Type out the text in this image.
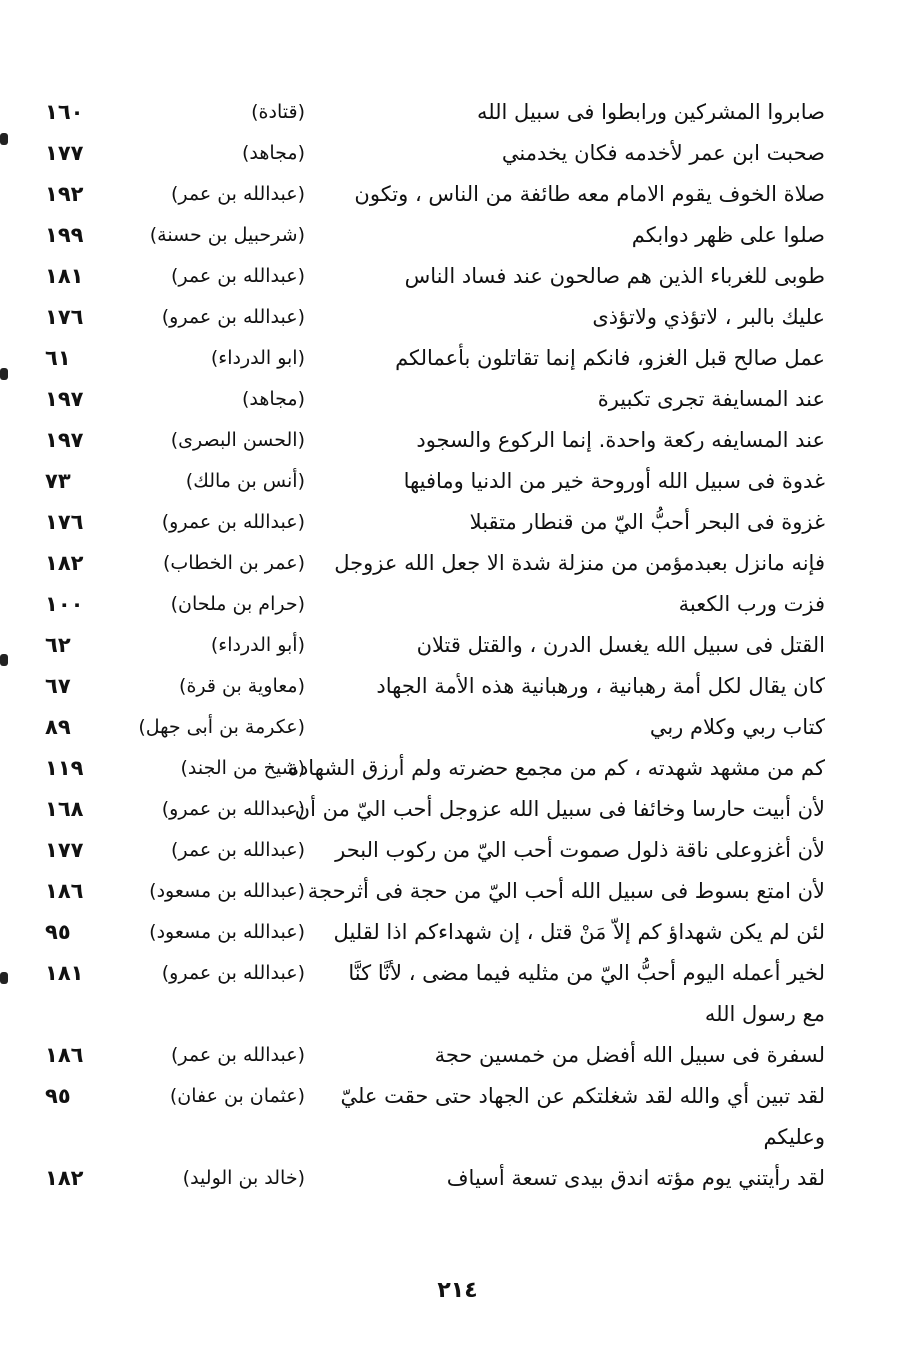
صابروا المشركين ورابطوا فى سبيل الله
(قتادة)
١٦٠
صحبت ابن عمر لأخدمه فكان يخدمني
(مجاهد)
١٧٧
صلاة الخوف يقوم الامام معه طائفة من الناس ، وتكون
(عبدالله بن عمر)
١٩٢
صلوا على ظهر دوابكم
(شرحبيل بن حسنة)
١٩٩
طوبى للغرباء الذين هم صالحون عند فساد الناس
(عبدالله بن عمر)
١٨١
عليك بالبر ، لاتؤذي ولاتؤذى
(عبدالله بن عمرو)
١٧٦
عمل صالح قبل الغزو، فانكم إنما تقاتلون بأعمالكم
(ابو الدرداء)
٦١
عند المسايفة تجرى تكبيرة
(مجاهد)
١٩٧
عند المسايفه ركعة واحدة. إنما الركوع والسجود
(الحسن البصرى)
١٩٧
غدوة فى سبيل الله أوروحة خير من الدنيا ومافيها
(أنس بن مالك)
٧٣
غزوة فى البحر أحبُّ اليّ من قنطار متقبلا
(عبدالله بن عمرو)
١٧٦
فإنه مانزل بعبدمؤمن من منزلة شدة الا جعل الله عزوجل
(عمر بن الخطاب)
١٨٢
فزت ورب الكعبة
(حرام بن ملحان)
١٠٠
القتل فى سبيل الله يغسل الدرن ، والقتل قتلان
(أبو الدرداء)
٦٢
كان يقال لكل أمة رهبانية ، ورهبانية هذه الأمة الجهاد
(معاوية بن قرة)
٦٧
كتاب ربي وكلام ربي
(عكرمة بن أبى جهل)
٨٩
كم من مشهد شهدته ، كم من مجمع حضرته ولم أرزق الشهادة
(شيخ من الجند)
١١٩
لأن أبيت حارسا وخائفا فى سبيل الله عزوجل أحب اليّ من أن
(عبدالله بن عمرو)
١٦٨
لأن أغزوعلى ناقة ذلول صموت أحب اليّ من ركوب البحر
(عبدالله بن عمر)
١٧٧
لأن امتع بسوط فى سبيل الله أحب اليّ من حجة فى أثرحجة
(عبدالله بن مسعود)
١٨٦
لئن لم يكن شهداؤ كم إلاّ مَنْ قتل ، إن شهداءكم اذا لقليل
(عبدالله بن مسعود)
٩٥
لخير أعمله اليوم أحبُّ اليّ من مثليه فيما مضى ، لأنَّا كنَّا مع رسول الله
(عبدالله بن عمرو)
١٨١
لسفرة فى سبيل الله أفضل من خمسين حجة
(عبدالله بن عمر)
١٨٦
لقد تبين أي والله لقد شغلتكم عن الجهاد حتى حقت عليّ وعليكم
(عثمان بن عفان)
٩٥
لقد رأيتني يوم مؤته اندق بيدى تسعة أسياف
(خالد بن الوليد)
١٨٢
٢١٤
